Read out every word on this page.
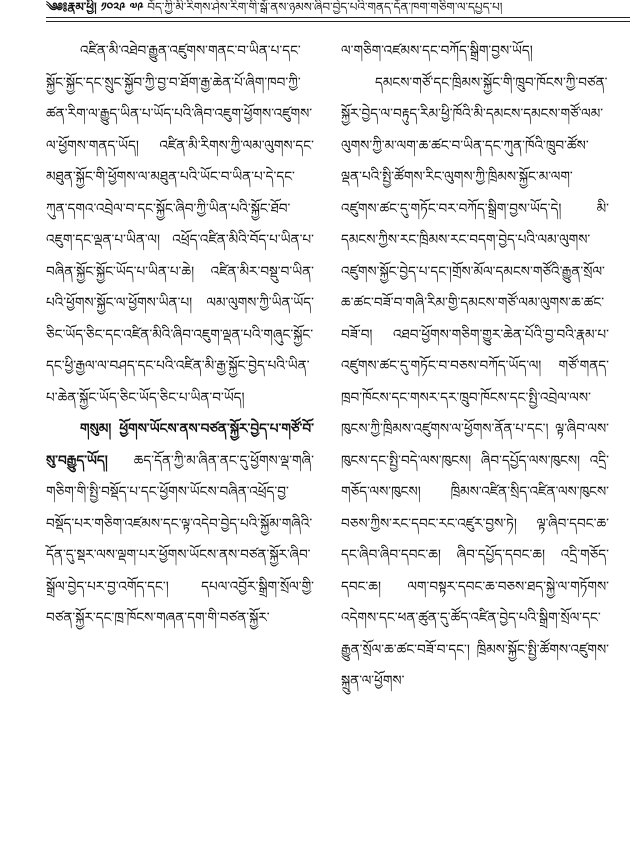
༄༅༔རྣམ་ཕྱི། ༡༠༢༩ ༧༩ བོད་ཀྱི་མི་རིགས་ཤེས་རིག་གི་སྒོ་ནས་ཉམས་ཞིབ་བྱེད་པའི་གནད་དོན་ཁག་གཅིག་ལ་དཔྱད་པ།

འཛིན་མི་འཐེབ་རྒྱུན་འཛུགས་གནང་བ་ཡིན་པ་དང་སྐྱོང་སྐྱོང་དང་སྲུང་སྐྱོབ་ཀྱི་བྱ་བ་ཐོག་རྒྱ་ཆེན་པོ་ཞིག་ཁབ་ཀྱི་ཚན་རིག་ལ་རྒྱུད་ཡིན་པ་ཡོད་པའི་ཞིབ་འཇུག་ཕྱོགས་འཛུགས་ལ་ཕྱོགས་གནད་ཡོད། འཛིན་མི་རིགས་ཀྱི་ལམ་ལུགས་དང་མཐུན་སྐྱོང་གི་ཕྱོགས་ལ་མཐུན་པའི་ཡོང་བ་ཡིན་པ་དེ་དང་ཀུན་དགའ་འབྲེལ་བ་དང་སྐྱོང་ཞིབ་ཀྱི་ཡིན་པའི་སྐྱོང་ཐོབ་འཇུག་དང་ལྡན་པ་ཡིན་ལ། འཕྲོད་འཛིན་མིའི་བོད་པ་ཡིན་པ་བཞིན་སྐྱོང་སྐྱོང་ཡོད་པ་ཡིན་པ་ཆེ། འཛིན་མིར་བསྡུ་བ་ཡིན་པའི་ཕྱོགས་སྐྱོང་ལ་ཕྱོགས་ཡིན་པ། ལམ་ལུགས་ཀྱི་ཡིན་ཡོད་ཅིང་ཡོད་ཅིང་དང་འཛིན་མིའི་ཞིབ་འཇུག་ལྡན་པའི་གཞུང་སྐྱོང་དང་ཕྱི་རྒྱལ་ལ་བཤད་དང་པའི་འཛིན་མི་རྒྱ་སྐྱོང་བྱེད་པའི་ཡིན་པ་ཆེན་སྐྱོང་ཡོད་ཅིང་ཡོད་ཅིང་པ་ཡིན་བ་ཡོད།

གསུམ། ཕྱོགས་ཡོངས་ནས་བཙན་སྐྱོར་བྱེད་པ་གཙོ་བོ་སུ་བརྒྱུད་ཡོད། ཆད་དོན་ཀྱི་མ་ཞིན་ནང་དུ་ཕྱོགས་ལྡ་གཞི་གཅིག་གི་སྤྱི་བསྡོད་པ་དང་ཕྱོགས་ཡོངས་བཞིན་འཕྲོད་བྱ་བསྡོད་པར་གཅིག་འཛམས་དང་ལྟ་འདེབ་བྱེད་པའི་སྐྱོམ་གཞིའི་དོན་དུ་སྡར་ལས་ལྡག་པར་ཕྱོགས་ཡོངས་ནས་བཙན་སྐྱོར་ཞིབ་སྒྲོལ་བྱེད་པར་བྱ་འགོད་དང་། དཔལ་འབྱོར་སྒྲིག་སྲོལ་གྱི་བཙན་སྐྱོར་དང་ཁྲ་ཁོངས་གཞན་དག་གི་བཙན་སྐྱོར་

ལ་གཅིག་འཛམས་དང་བཀོད་སྒྲིག་བྱས་ཡོད།

དམངས་གཙོ་དང་ཁྲིམས་སྐྱོང་གི་ཁྲུབ་ཁོངས་ཀྱི་བཙན་སྐྱོར་བྱེད་ལ་བརྟུད་རིམ་ཕྱི་ཁོའི་མི་དམངས་དམངས་གཙོ་ལམ་ལུགས་ཀྱི་མ་ལག་ཆ་ཚང་བ་ཡིན་དང་ཀུན་ཁོའི་ཁྲུབ་ཚོས་ལྡན་པའི་སྤྱི་ཚོགས་རིང་ལུགས་ཀྱི་ཁྲིམས་སྐྱོང་མ་ལག་འཛུགས་ཚང་དུ་གཏོང་བར་བཀོད་སྒྲིག་བྱས་ཡོད་དེ། མི་དམངས་ཀྱིས་རང་ཁྲིམས་རང་བདག་བྱེད་པའི་ལམ་ལུགས་འཛུགས་སྐྱོང་བྱེད་པ་དང་།གྲོས་མོལ་དམངས་གཙོའི་རྒྱུན་སྲོལ་ཆ་ཚང་བཟོ་བ་གཞི་རིམ་གྱི་དམངས་གཙོ་ལམ་ལུགས་ཆ་ཚང་བཟོ་བ། འཐབ་ཕྱོགས་གཅིག་གྱུར་ཆེན་པོའི་བྱ་བའི་རྣམ་པ་འཛུགས་ཚང་དུ་གཏོང་བ་བཅས་བཀོད་ཡོད་ལ། གཙོ་གནད་ཁྲབ་ཁོངས་དང་གསར་དར་ཁྲུབ་ཁོངས་དང་སྤྱི་འབྲེལ་ལས་ཁུངས་ཀྱི་ཁྲིམས་འཛུགས་ལ་ཕྱོགས་ནོན་པ་དང་། ལྟ་ཞིབ་ལས་ཁུངས་དང་སྤྱི་བདེ་ལས་ཁུངས། ཞིབ་དཔྱོད་ལས་ཁུངས། འདྲི་གཅོད་ལས་ཁུངས། ཁྲིམས་འཛིན་སྲིད་འཛིན་ལས་ཁུངས་བཅས་ཀྱིས་རང་དབང་རང་འཛུར་བྱས་ཏེ། ལྟ་ཞིབ་དབང་ཆ་དང་ཞིབ་ཞིབ་དབང་ཆ། ཞིབ་དཔྱོད་དབང་ཆ། འདྲི་གཅོད་དབང་ཆ། ལག་བསྟར་དབང་ཆ་བཅས་ཐད་སྐྱེ་ལ་གཏོགས་འདེགས་དང་ཕན་ཚུན་དུ་ཚོད་འཛིན་བྱེད་པའི་སྒྲིག་སྲོལ་དང་རྒྱུན་སྲོལ་ཆ་ཚང་བཟོ་བ་དང་། ཁྲིམས་སྐྱོང་སྤྱི་ཚོགས་འཛུགས་སྐྲུན་ལ་ཕྱོགས་
